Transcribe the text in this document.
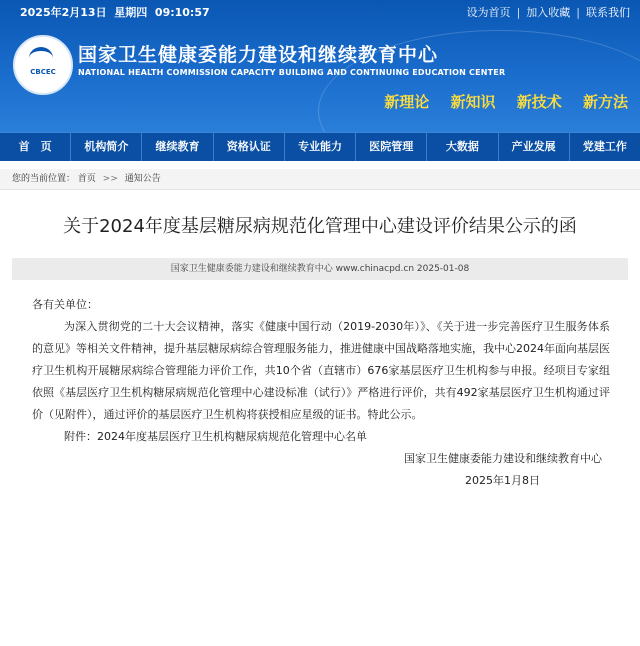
2025年2月13日 星期四 09:10:57	设为首页 | 加入收藏 | 联系我们
CBCEC
国家卫生健康委能力建设和继续教育中心
NATIONAL HEALTH COMMISSION CAPACITY BUILDING AND CONTINUING EDUCATION CENTER
新理论 新知识 新技术 新方法
首　页	机构简介	继续教育	资格认证	专业能力	医院管理	大数据	产业发展	党建工作
您的当前位置： 首页 >> 通知公告
关于2024年度基层糖尿病规范化管理中心建设评价结果公示的函
国家卫生健康委能力建设和继续教育中心 www.chinacpd.cn 2025-01-08

各有关单位：

为深入贯彻党的二十大会议精神，落实《健康中国行动（2019-2030年）》、《关于进一步完善医疗卫生服务体系的意见》等相关文件精神，提升基层糖尿病综合管理服务能力，推进健康中国战略落地实施，我中心2024年面向基层医疗卫生机构开展糖尿病综合管理能力评价工作，共10个省（直辖市）676家基层医疗卫生机构参与申报。经项目专家组依照《基层医疗卫生机构糖尿病规范化管理中心建设标准（试行）》严格进行评价，共有492家基层医疗卫生机构通过评价（见附件），通过评价的基层医疗卫生机构将获授相应星级的证书。特此公示。

附件：2024年度基层医疗卫生机构糖尿病规范化管理中心名单

国家卫生健康委能力建设和继续教育中心

2025年1月8日
